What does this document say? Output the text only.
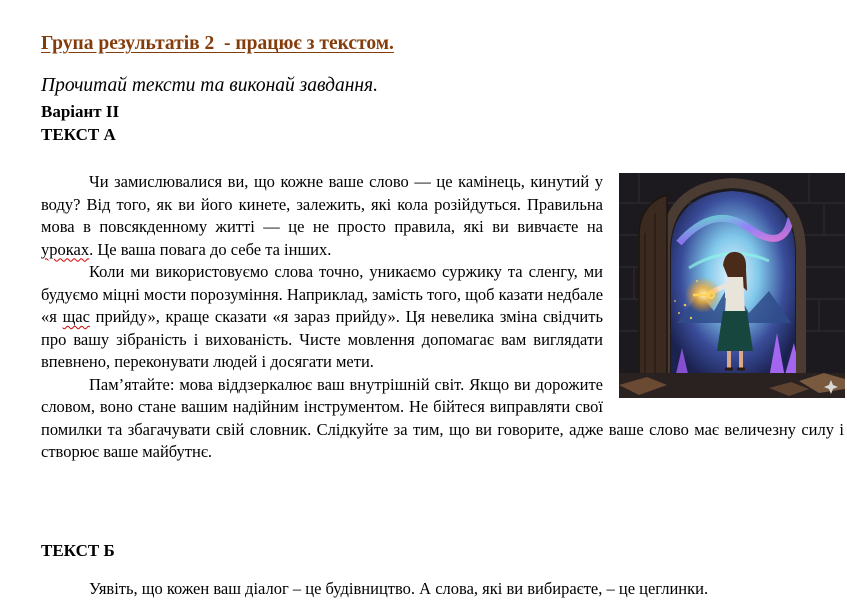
Група результатів 2  - працює з текстом.

Прочитай тексти та виконай завдання.

Варіант ІІ

ТЕКСТ А

Чи замислювалися ви, що кожне ваше слово — це камінець, кинутий у воду? Від того, як ви його кинете, залежить, які кола розійдуться. Правильна мова в повсякденному житті — це не просто правила, які ви вивчаєте на уроках. Це ваша повага до себе та інших.

Коли ми використовуємо слова точно, уникаємо суржику та сленгу, ми будуємо міцні мости порозуміння. Наприклад, замість того, щоб казати недбале «я щас прийду», краще сказати «я зараз прийду». Ця невелика зміна свідчить про вашу зібраність і вихованість. Чисте мовлення допомагає вам виглядати впевнено, переконувати людей і досягати мети.

Пам’ятайте: мова віддзеркалює ваш внутрішній світ. Якщо ви дорожите словом, воно стане вашим надійним інструментом. Не бійтеся виправляти свої помилки та збагачувати свій словник. Слідкуйте за тим, що ви говорите, адже ваше слово має величезну силу і створює ваше майбутнє.

ТЕКСТ Б

Уявіть, що кожен ваш діалог – це будівництво. А слова, які ви вибираєте, – це цеглинки.
